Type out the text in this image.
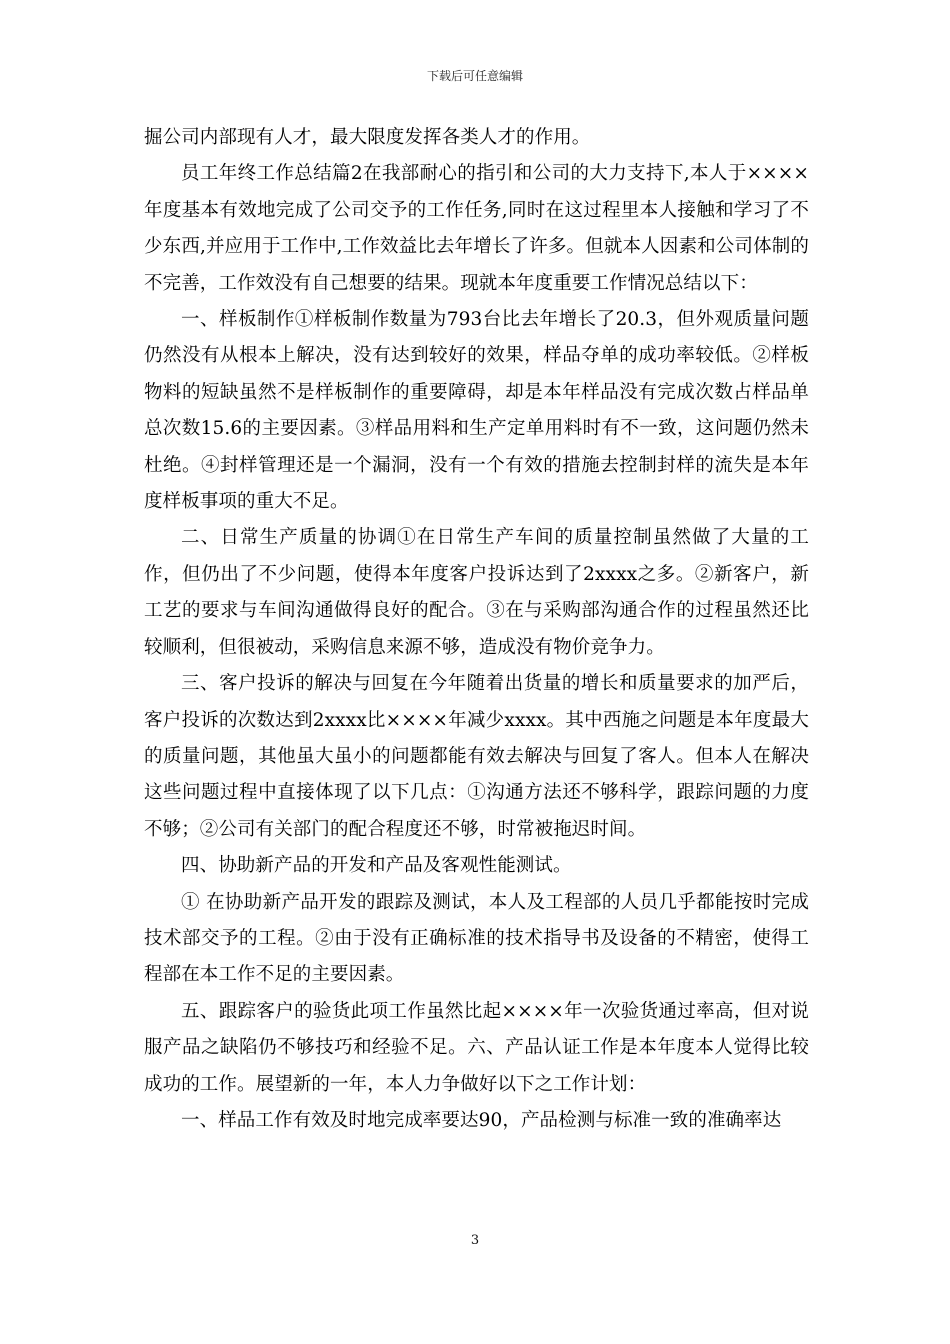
下载后可任意编辑

掘公司内部现有人才，最大限度发挥各类人才的作用。

员工年终工作总结篇2在我部耐心的指引和公司的大力支持下,本人于××××年度基本有效地完成了公司交予的工作任务,同时在这过程里本人接触和学习了不少东西,并应用于工作中,工作效益比去年增长了许多。但就本人因素和公司体制的不完善，工作效没有自己想要的结果。现就本年度重要工作情况总结以下：

一、样板制作①样板制作数量为793台比去年增长了20.3，但外观质量问题仍然没有从根本上解决，没有达到较好的效果，样品夺单的成功率较低。②样板物料的短缺虽然不是样板制作的重要障碍，却是本年样品没有完成次数占样品单总次数15.6的主要因素。③样品用料和生产定单用料时有不一致，这问题仍然未杜绝。④封样管理还是一个漏洞，没有一个有效的措施去控制封样的流失是本年度样板事项的重大不足。

二、日常生产质量的协调①在日常生产车间的质量控制虽然做了大量的工作，但仍出了不少问题，使得本年度客户投诉达到了2xxxx之多。②新客户，新工艺的要求与车间沟通做得良好的配合。③在与采购部沟通合作的过程虽然还比较顺利，但很被动，采购信息来源不够，造成没有物价竞争力。

三、客户投诉的解决与回复在今年随着出货量的增长和质量要求的加严后，客户投诉的次数达到2xxxx比××××年减少xxxx。其中西施之问题是本年度最大的质量问题，其他虽大虽小的问题都能有效去解决与回复了客人。但本人在解决这些问题过程中直接体现了以下几点：①沟通方法还不够科学，跟踪问题的力度不够；②公司有关部门的配合程度还不够，时常被拖迟时间。

四、协助新产品的开发和产品及客观性能测试。

① 在协助新产品开发的跟踪及测试，本人及工程部的人员几乎都能按时完成技术部交予的工程。②由于没有正确标准的技术指导书及设备的不精密，使得工程部在本工作不足的主要因素。

五、跟踪客户的验货此项工作虽然比起××××年一次验货通过率高，但对说服产品之缺陷仍不够技巧和经验不足。六、产品认证工作是本年度本人觉得比较成功的工作。展望新的一年，本人力争做好以下之工作计划：

一、样品工作有效及时地完成率要达90，产品检测与标准一致的准确率达

3
